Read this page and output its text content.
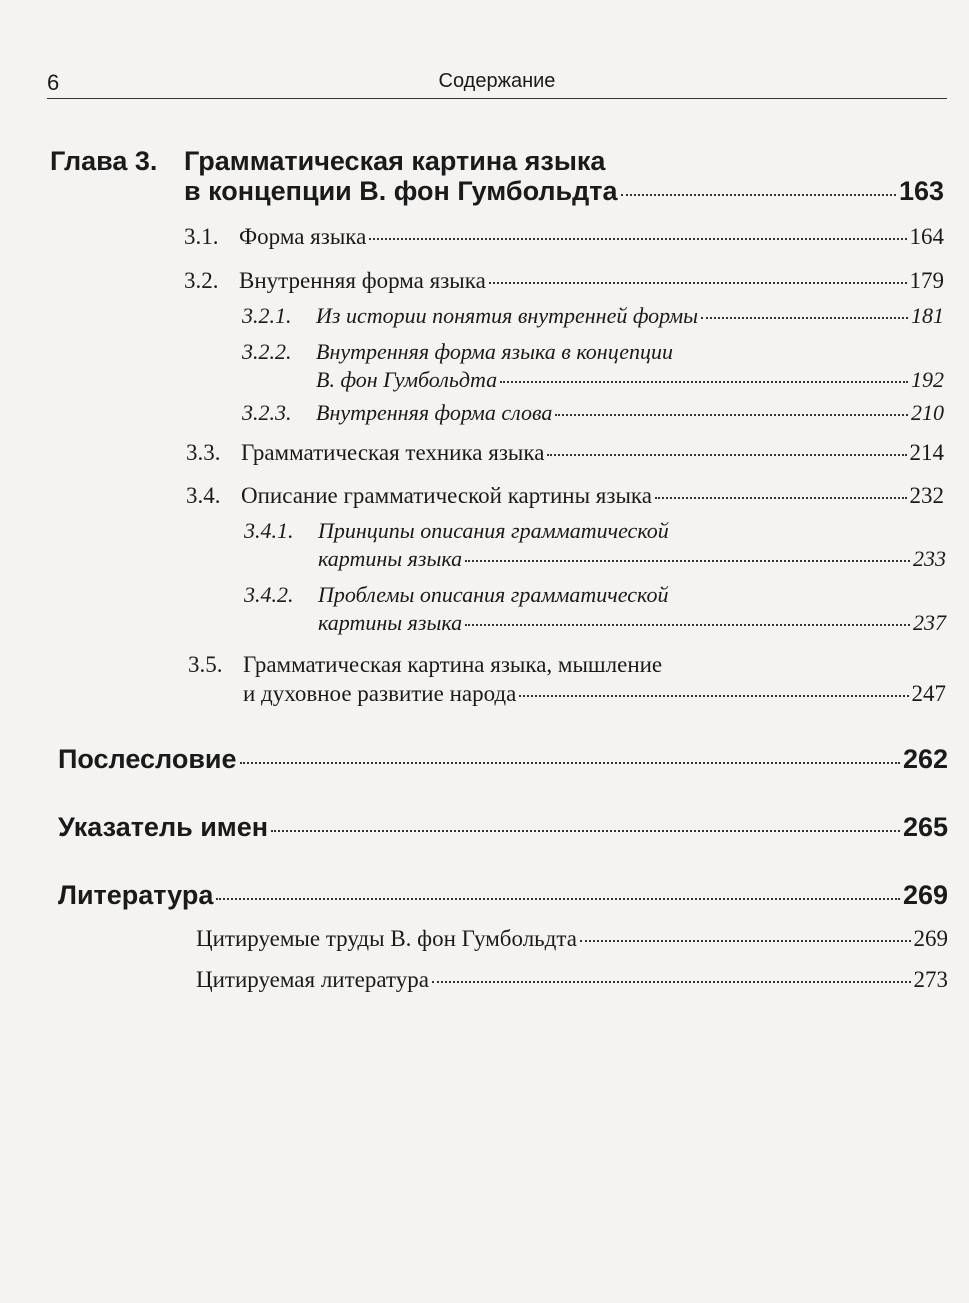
6	Содержание
Глава 3. Грамматическая картина языка
в концепции В. фон Гумбольдта	163
3.1. Форма языка	164
3.2. Внутренняя форма языка	179
3.2.1. Из истории понятия внутренней формы	181
3.2.2. Внутренняя форма языка в концепции
В. фон Гумбольдта	192
3.2.3. Внутренняя форма слова	210
3.3. Грамматическая техника языка	214
3.4. Описание грамматической картины языка	232
3.4.1. Принципы описания грамматической
картины языка	233
3.4.2. Проблемы описания грамматической
картины языка	237
3.5. Грамматическая картина языка, мышление
и духовное развитие народа	247
Послесловие	262
Указатель имен	265
Литература	269
Цитируемые труды В. фон Гумбольдта	269
Цитируемая литература	273
